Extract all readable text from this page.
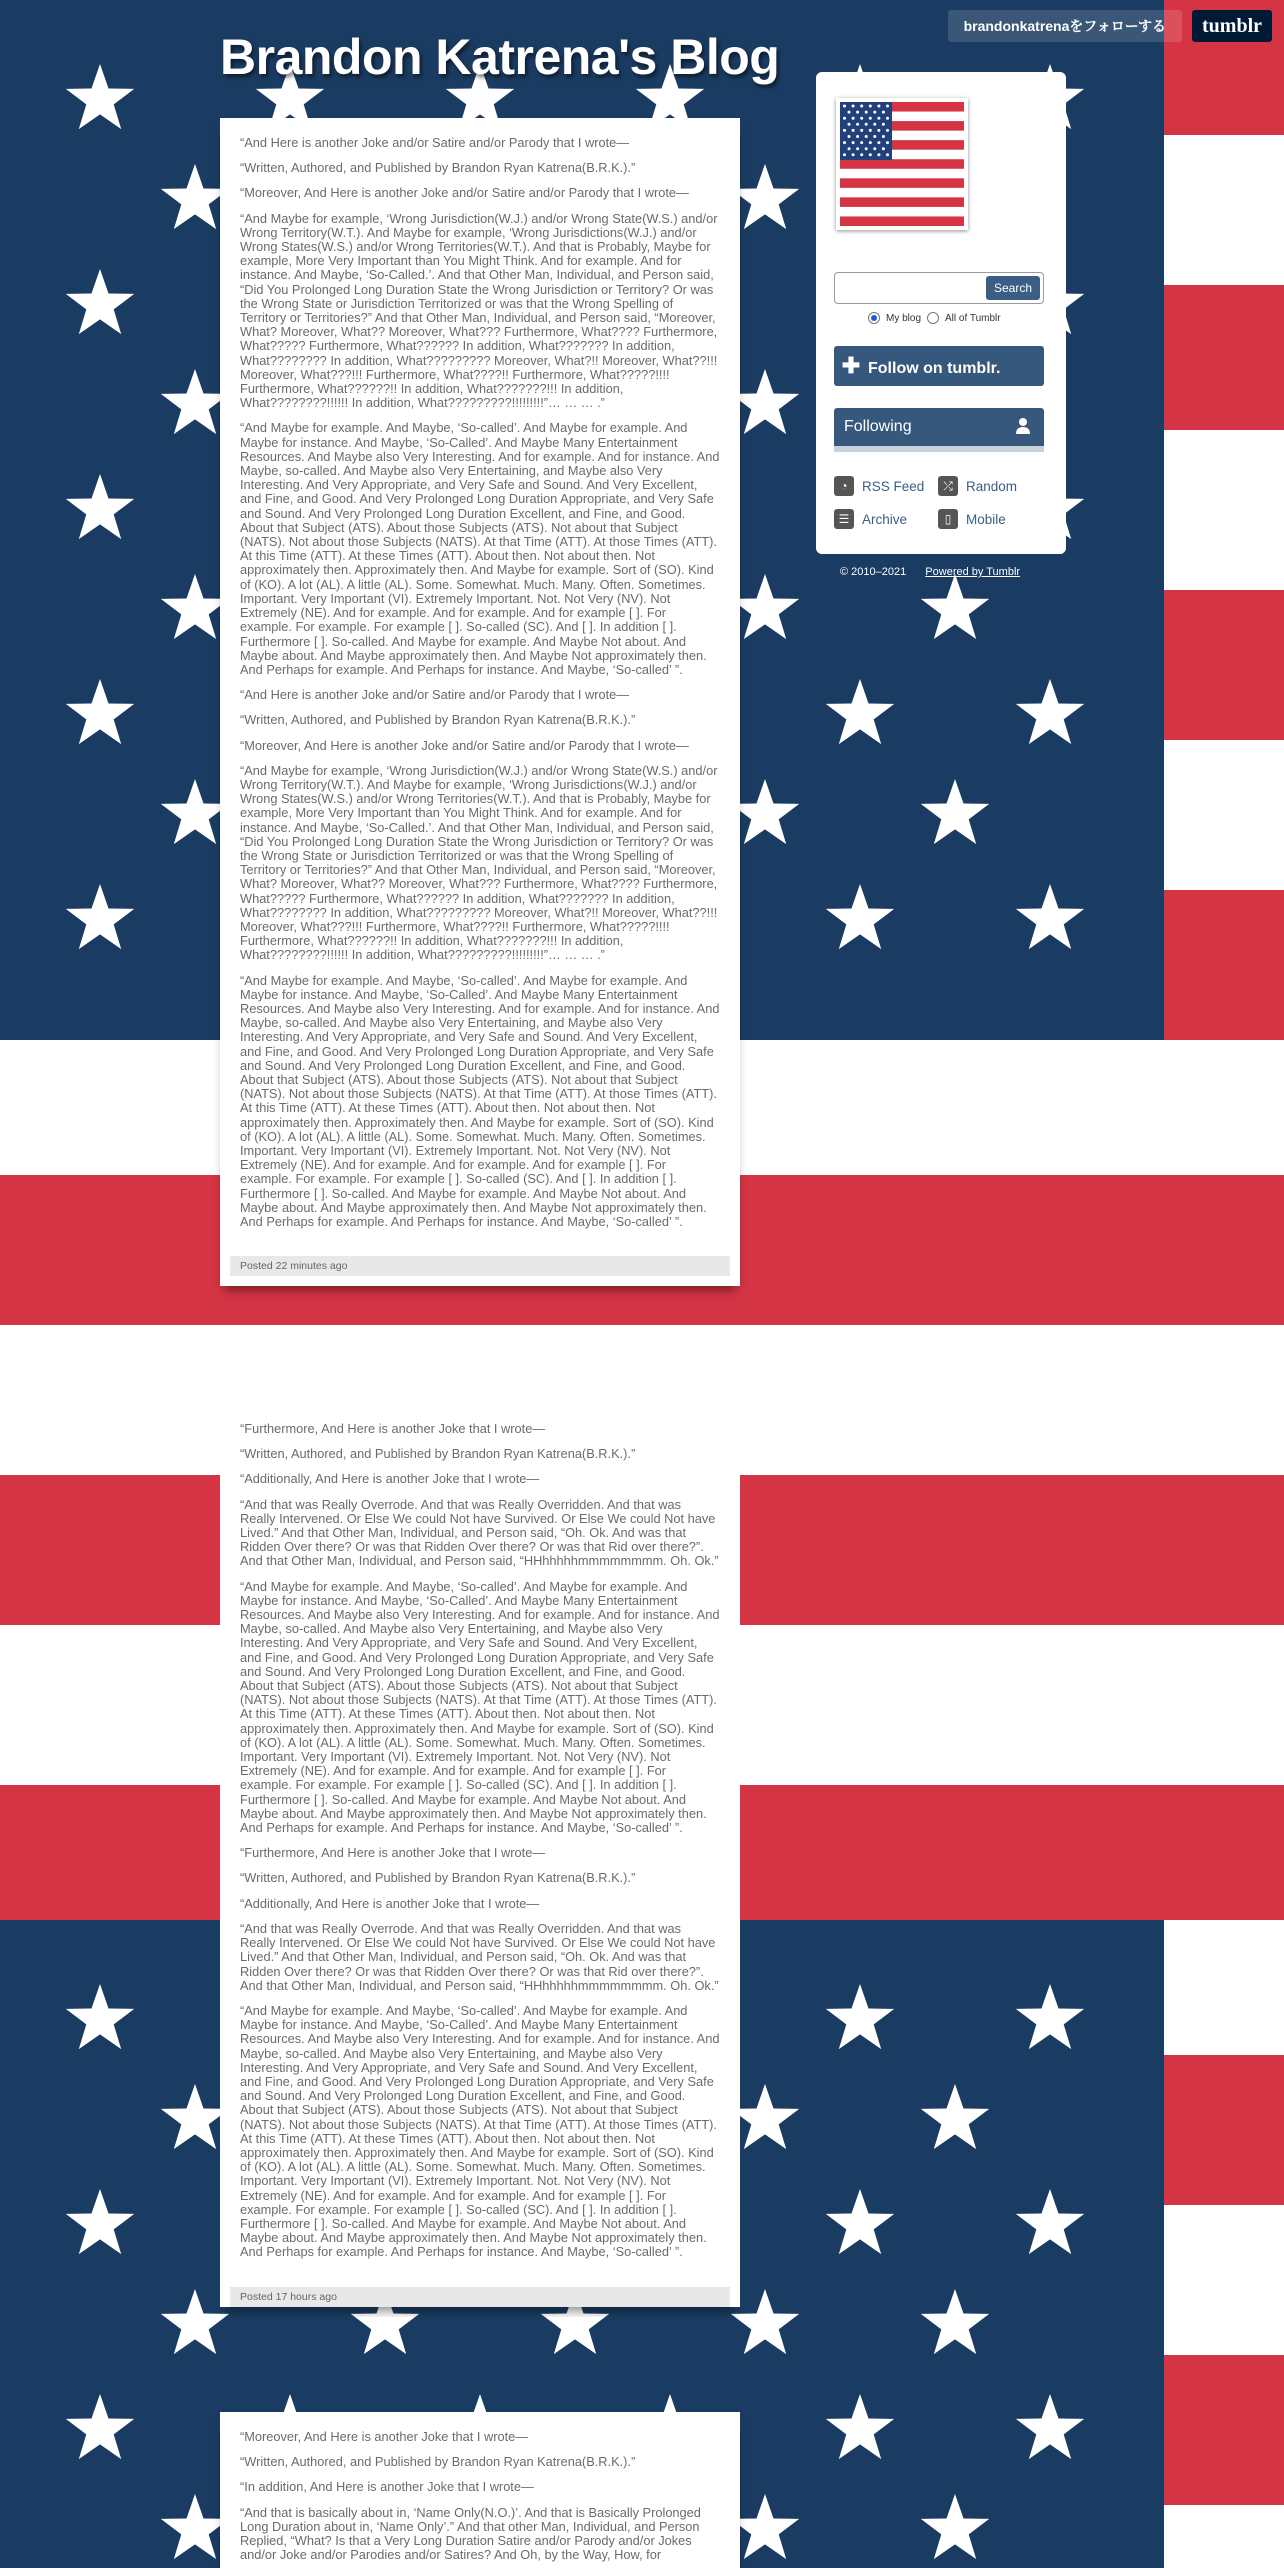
brandonkatrenaをフォローする	tumblr
Brandon Katrena's Blog

“And Here is another Joke and/or Satire and/or Parody that I wrote—

“Written, Authored, and Published by Brandon Ryan Katrena(B.R.K.).”

“Moreover, And Here is another Joke and/or Satire and/or Parody that I wrote—

“And Maybe for example, ‘Wrong Jurisdiction(W.J.) and/or Wrong State(W.S.) and/or Wrong Territory(W.T.). And Maybe for example, ‘Wrong Jurisdictions(W.J.) and/or Wrong States(W.S.) and/or Wrong Territories(W.T.). And that is Probably, Maybe for example, More Very Important than You Might Think. And for example. And for instance. And Maybe, ‘So-Called.’. And that Other Man, Individual, and Person said, “Did You Prolonged Long Duration State the Wrong Jurisdiction or Territory? Or was the Wrong State or Jurisdiction Territorized or was that the Wrong Spelling of Territory or Territories?” And that Other Man, Individual, and Person said, “Moreover, What? Moreover, What?? Moreover, What??? Furthermore, What???? Furthermore, What????? Furthermore, What?????? In addition, What??????? In addition, What???????? In addition, What????????? Moreover, What?!! Moreover, What??!!! Moreover, What???!!! Furthermore, What????!! Furthermore, What?????!!!! Furthermore, What??????!! In addition, What???????!!! In addition, What????????!!!!!! In addition, What?????????!!!!!!!!!”… … … .”

“And Maybe for example. And Maybe, ‘So-called’. And Maybe for example. And Maybe for instance. And Maybe, ‘So-Called’. And Maybe Many Entertainment Resources. And Maybe also Very Interesting. And for example. And for instance. And Maybe, so-called. And Maybe also Very Entertaining, and Maybe also Very Interesting. And Very Appropriate, and Very Safe and Sound. And Very Excellent, and Fine, and Good. And Very Prolonged Long Duration Appropriate, and Very Safe and Sound. And Very Prolonged Long Duration Excellent, and Fine, and Good. About that Subject (ATS). About those Subjects (ATS). Not about that Subject (NATS). Not about those Subjects (NATS). At that Time (ATT). At those Times (ATT). At this Time (ATT). At these Times (ATT). About then. Not about then. Not approximately then. Approximately then. And Maybe for example. Sort of (SO). Kind of (KO). A lot (AL). A little (AL). Some. Somewhat. Much. Many. Often. Sometimes. Important. Very Important (VI). Extremely Important. Not. Not Very (NV). Not Extremely (NE). And for example. And for example. And for example [ ]. For example. For example. For example [ ]. So-called (SC). And [ ]. In addition [ ]. Furthermore [ ]. So-called. And Maybe for example. And Maybe Not about. And Maybe about. And Maybe approximately then. And Maybe Not approximately then. And Perhaps for example. And Perhaps for instance. And Maybe, ‘So-called’ ”.

“And Here is another Joke and/or Satire and/or Parody that I wrote—

“Written, Authored, and Published by Brandon Ryan Katrena(B.R.K.).”

“Moreover, And Here is another Joke and/or Satire and/or Parody that I wrote—

“And Maybe for example, ‘Wrong Jurisdiction(W.J.) and/or Wrong State(W.S.) and/or Wrong Territory(W.T.). And Maybe for example, ‘Wrong Jurisdictions(W.J.) and/or Wrong States(W.S.) and/or Wrong Territories(W.T.). And that is Probably, Maybe for example, More Very Important than You Might Think. And for example. And for instance. And Maybe, ‘So-Called.’. And that Other Man, Individual, and Person said, “Did You Prolonged Long Duration State the Wrong Jurisdiction or Territory? Or was the Wrong State or Jurisdiction Territorized or was that the Wrong Spelling of Territory or Territories?” And that Other Man, Individual, and Person said, “Moreover, What? Moreover, What?? Moreover, What??? Furthermore, What???? Furthermore, What????? Furthermore, What?????? In addition, What??????? In addition, What???????? In addition, What????????? Moreover, What?!! Moreover, What??!!! Moreover, What???!!! Furthermore, What????!! Furthermore, What?????!!!! Furthermore, What??????!! In addition, What???????!!! In addition, What????????!!!!!! In addition, What?????????!!!!!!!!!”… … … .”

“And Maybe for example. And Maybe, ‘So-called’. And Maybe for example. And Maybe for instance. And Maybe, ‘So-Called’. And Maybe Many Entertainment Resources. And Maybe also Very Interesting. And for example. And for instance. And Maybe, so-called. And Maybe also Very Entertaining, and Maybe also Very Interesting. And Very Appropriate, and Very Safe and Sound. And Very Excellent, and Fine, and Good. And Very Prolonged Long Duration Appropriate, and Very Safe and Sound. And Very Prolonged Long Duration Excellent, and Fine, and Good. About that Subject (ATS). About those Subjects (ATS). Not about that Subject (NATS). Not about those Subjects (NATS). At that Time (ATT). At those Times (ATT). At this Time (ATT). At these Times (ATT). About then. Not about then. Not approximately then. Approximately then. And Maybe for example. Sort of (SO). Kind of (KO). A lot (AL). A little (AL). Some. Somewhat. Much. Many. Often. Sometimes. Important. Very Important (VI). Extremely Important. Not. Not Very (NV). Not Extremely (NE). And for example. And for example. And for example [ ]. For example. For example. For example [ ]. So-called (SC). And [ ]. In addition [ ]. Furthermore [ ]. So-called. And Maybe for example. And Maybe Not about. And Maybe about. And Maybe approximately then. And Maybe Not approximately then. And Perhaps for example. And Perhaps for instance. And Maybe, ‘So-called’ ”.

Posted 22 minutes ago

“Furthermore, And Here is another Joke that I wrote—

“Written, Authored, and Published by Brandon Ryan Katrena(B.R.K.).”

“Additionally, And Here is another Joke that I wrote—

“And that was Really Overrode. And that was Really Overridden. And that was Really Intervened. Or Else We could Not have Survived. Or Else We could Not have Lived.” And that Other Man, Individual, and Person said, “Oh. Ok. And was that Ridden Over there? Or was that Ridden Over there? Or was that Rid over there?”. And that Other Man, Individual, and Person said, “HHhhhhhmmmmmmmm. Oh. Ok.”

“And Maybe for example. And Maybe, ‘So-called’. And Maybe for example. And Maybe for instance. And Maybe, ‘So-Called’. And Maybe Many Entertainment Resources. And Maybe also Very Interesting. And for example. And for instance. And Maybe, so-called. And Maybe also Very Entertaining, and Maybe also Very Interesting. And Very Appropriate, and Very Safe and Sound. And Very Excellent, and Fine, and Good. And Very Prolonged Long Duration Appropriate, and Very Safe and Sound. And Very Prolonged Long Duration Excellent, and Fine, and Good. About that Subject (ATS). About those Subjects (ATS). Not about that Subject (NATS). Not about those Subjects (NATS). At that Time (ATT). At those Times (ATT). At this Time (ATT). At these Times (ATT). About then. Not about then. Not approximately then. Approximately then. And Maybe for example. Sort of (SO). Kind of (KO). A lot (AL). A little (AL). Some. Somewhat. Much. Many. Often. Sometimes. Important. Very Important (VI). Extremely Important. Not. Not Very (NV). Not Extremely (NE). And for example. And for example. And for example [ ]. For example. For example. For example [ ]. So-called (SC). And [ ]. In addition [ ]. Furthermore [ ]. So-called. And Maybe for example. And Maybe Not about. And Maybe about. And Maybe approximately then. And Maybe Not approximately then. And Perhaps for example. And Perhaps for instance. And Maybe, ‘So-called’ ”.

“Furthermore, And Here is another Joke that I wrote—

“Written, Authored, and Published by Brandon Ryan Katrena(B.R.K.).”

“Additionally, And Here is another Joke that I wrote—

“And that was Really Overrode. And that was Really Overridden. And that was Really Intervened. Or Else We could Not have Survived. Or Else We could Not have Lived.” And that Other Man, Individual, and Person said, “Oh. Ok. And was that Ridden Over there? Or was that Ridden Over there? Or was that Rid over there?”. And that Other Man, Individual, and Person said, “HHhhhhhmmmmmmmm. Oh. Ok.”

“And Maybe for example. And Maybe, ‘So-called’. And Maybe for example. And Maybe for instance. And Maybe, ‘So-Called’. And Maybe Many Entertainment Resources. And Maybe also Very Interesting. And for example. And for instance. And Maybe, so-called. And Maybe also Very Entertaining, and Maybe also Very Interesting. And Very Appropriate, and Very Safe and Sound. And Very Excellent, and Fine, and Good. And Very Prolonged Long Duration Appropriate, and Very Safe and Sound. And Very Prolonged Long Duration Excellent, and Fine, and Good. About that Subject (ATS). About those Subjects (ATS). Not about that Subject (NATS). Not about those Subjects (NATS). At that Time (ATT). At those Times (ATT). At this Time (ATT). At these Times (ATT). About then. Not about then. Not approximately then. Approximately then. And Maybe for example. Sort of (SO). Kind of (KO). A lot (AL). A little (AL). Some. Somewhat. Much. Many. Often. Sometimes. Important. Very Important (VI). Extremely Important. Not. Not Very (NV). Not Extremely (NE). And for example. And for example. And for example [ ]. For example. For example. For example [ ]. So-called (SC). And [ ]. In addition [ ]. Furthermore [ ]. So-called. And Maybe for example. And Maybe Not about. And Maybe about. And Maybe approximately then. And Maybe Not approximately then. And Perhaps for example. And Perhaps for instance. And Maybe, ‘So-called’ ”.

Posted 17 hours ago

“Moreover, And Here is another Joke that I wrote—

“Written, Authored, and Published by Brandon Ryan Katrena(B.R.K.).”

“In addition, And Here is another Joke that I wrote—

“And that is basically about in, ‘Name Only(N.O.)’. And that is Basically Prolonged Long Duration about in, ‘Name Only’.” And that other Man, Individual, and Person Replied, “What? Is that a Very Long Duration Satire and/or Parody and/or Jokes and/or Joke and/or Parodies and/or Satires? And Oh, by the Way, How, for

Search
My blog All of Tumblr
✚ Follow on tumblr.
Following
◔	RSS Feed	⤮ Random
☰ Archive	▯	Mobile
© 2010–2021 Powered by Tumblr
